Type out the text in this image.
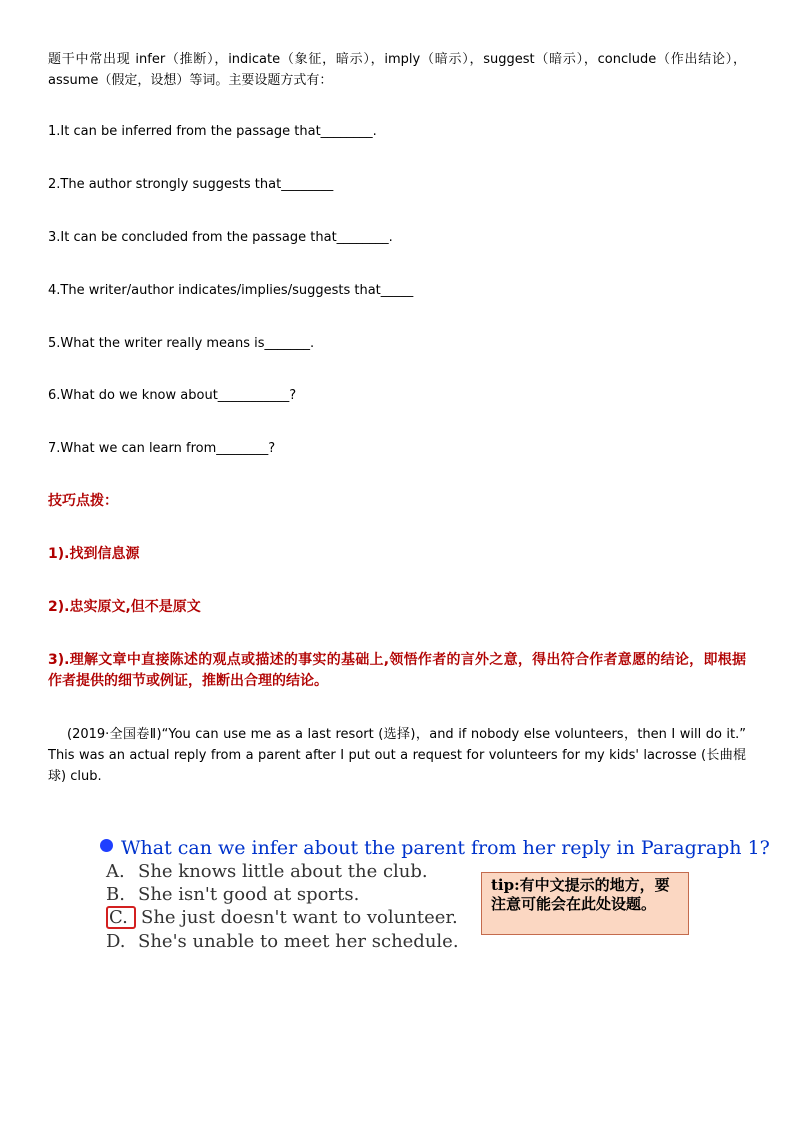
题干中常出现 infer（推断），indicate（象征，暗示），imply（暗示），suggest（暗示），conclude（作出结论），assume（假定，设想）等词。主要设题方式有：

1.It can be inferred from the passage that________.

2.The author strongly suggests that________

3.It can be concluded from the passage that________.

4.The writer/author indicates/implies/suggests that_____

5.What the writer really means is_______.

6.What do we know about___________?

7.What we can learn from________?

技巧点拨：

1).找到信息源

2).忠实原文,但不是原文

3).理解文章中直接陈述的观点或描述的事实的基础上,领悟作者的言外之意，得出符合作者意愿的结论，即根据作者提供的细节或例证，推断出合理的结论。

(2019·全国卷Ⅱ)“You can use me as a last resort (选择)，and if nobody else volunteers，then I will do it.” This was an actual reply from a parent after I put out a request for volunteers for my kids' lacrosse (长曲棍球) club.

What can we infer about the parent from her reply in Paragraph 1?
A. She knows little about the club.
B. She isn't good at sports.
C. She just doesn't want to volunteer.
D. She's unable to meet her schedule.
tip:有中文提示的地方，要注意可能会在此处设题。
